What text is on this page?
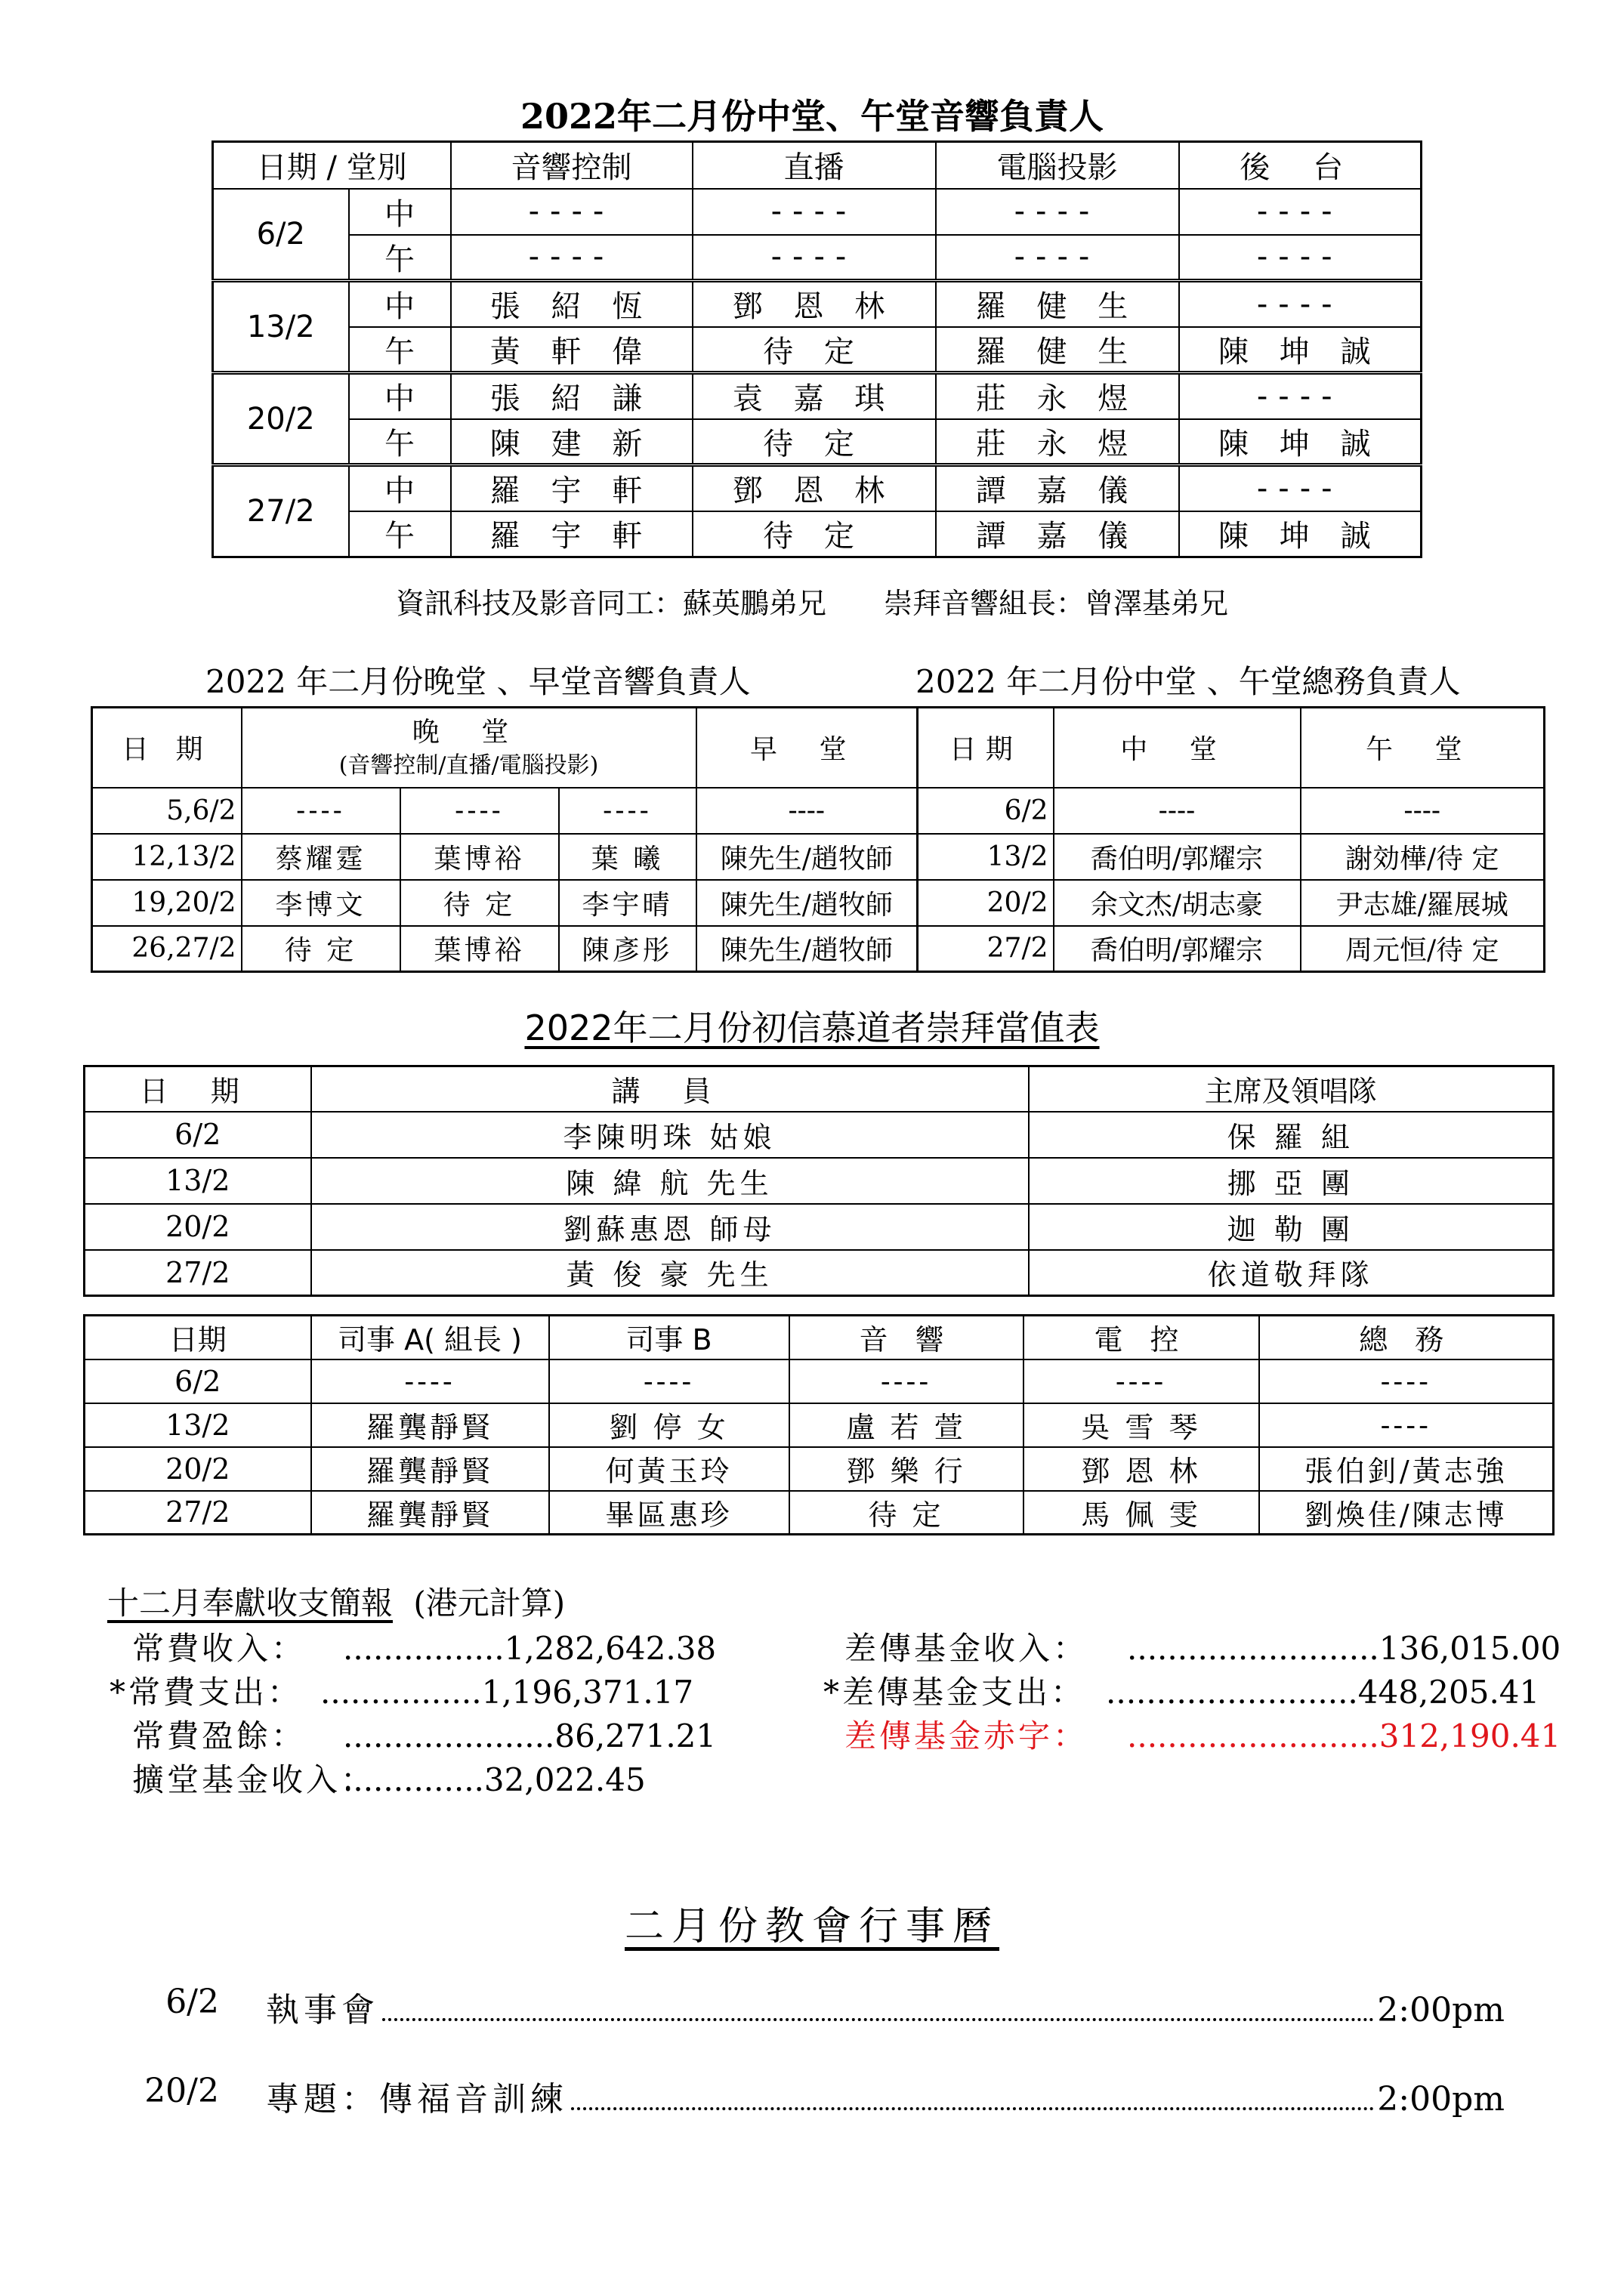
2022年二月份中堂、午堂音響負責人
日期 / 堂別		音響控制	直播	電腦投影	後 台
6/2	中	----	----	----	----
	午	----	----	----	----
13/2	中	張 紹 恆	鄧 恩 林	羅 健 生	----
	午	黃 軒 偉	待 定	羅 健 生	陳 坤 誠
20/2	中	張 紹 謙	袁 嘉 琪	莊 永 煜	----
	午	陳 建 新	待 定	莊 永 煜	陳 坤 誠
27/2	中	羅 宇 軒	鄧 恩 林	譚 嘉 儀	----
	午	羅 宇 軒	待 定	譚 嘉 儀	陳 坤 誠
資訊科技及影音同工：蘇英鵬弟兄　　崇拜音響組長：曾澤基弟兄
2022 年二月份晚堂 、早堂音響負責人	2022 年二月份中堂 、午堂總務負責人
日 期	晚 堂
(音響控制/直播/電腦投影)			早 堂
5,6/2	----	----	----	----
12,13/2	蔡耀霆	葉博裕	葉 曦	陳先生/趙牧師
19,20/2	李博文	待 定	李宇晴	陳先生/趙牧師
26,27/2	待 定	葉博裕	陳彥彤	陳先生/趙牧師
日期	中 堂	午 堂
6/2	----	----
13/2	喬伯明/郭耀宗	謝効樺/待 定
20/2	余文杰/胡志豪	尹志雄/羅展城
27/2	喬伯明/郭耀宗	周元恒/待 定
2022年二月份初信慕道者崇拜當值表
日 期	講 員	主席及領唱隊
6/2	李陳明珠 姑娘	保 羅 組
13/2	陳 緯 航 先生	挪 亞 團
20/2	劉蘇惠恩 師母	迦 勒 團
27/2	黃 俊 豪 先生	依道敬拜隊
日期	司事 A( 組長 )	司事 B	音 響	電 控	總 務
6/2	----	----	----	----	----
13/2	羅龔靜賢	劉 停 女	盧 若 萱	吳 雪 琴	----
20/2	羅龔靜賢	何黃玉玲	鄧 樂 行	鄧 恩 林	張伯釗/黃志強
27/2	羅龔靜賢	畢區惠珍	待 定	馬 佩 雯	劉煥佳/陳志博
十二月奉獻收支簡報 (港元計算)
常費收入：	................ 1,282,642.38
*常費支出： ................ 1,196,371.17
常費盈餘：	..................... 86,271.21
擴堂基金收入：
.............. 32,022.45
差傳基金收入：	......................... 136,015.00
*差傳基金支出： ......................... 448,205.41
差傳基金赤字：	......................... 312,190.41
二月份教會行事曆
6/2 執事會	2:00pm
20/2 專題：傳福音訓練	2:00pm
